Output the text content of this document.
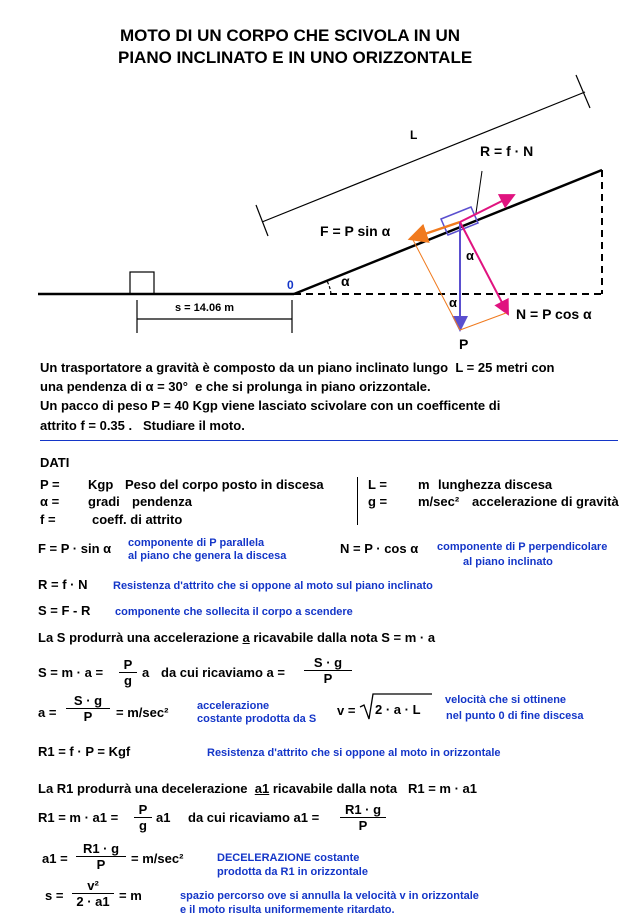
MOTO DI UN CORPO CHE SCIVOLA IN UN
PIANO INCLINATO E IN UNO ORIZZONTALE
L
R = f · N
F = P sin α
N = P cos α
P
α
α
α
0
s = 14.06 m
Un trasportatore a gravità è composto da un piano inclinato lungo L = 25 metri con
una pendenza di α = 30° e che si prolunga in piano orizzontale.
Un pacco di peso P = 40 Kgp viene lasciato scivolare con un coefficente di
attrito f = 0.35 . Studiare il moto.
DATI
P = Kgp Peso del corpo posto in discesa
α = gradi pendenza
f =	coeff. di attrito
L = m lunghezza discesa
g = m/sec² accelerazione di gravità
F = P · sin α componente di P parallela
al piano che genera la discesa	N = P · cos α componente di P perpendicolare
al piano inclinato
R = f · N Resistenza d'attrito che si oppone al moto sul piano inclinato
S = F - R componente che sollecita il corpo a scendere
La S produrrà una accelerazione a ricavabile dalla nota S = m · a
$S = m \cdot a = \frac{P}{g}$ a da cui ricaviamo $a = \frac{S \cdot g}{P}$
$a = \frac{S \cdot g}{P} = m/\sec^2$	accelerazione
costante prodotta da S
v = 2 · a · L
velocità che si ottinene
nel punto 0 di fine discesa
R1 = f · P = Kgf	Resistenza d'attrito che si oppone al moto in orizzontale
La R1 produrrà una decelerazione a1 ricavabile dalla nota R1 = m · a1
$R1 = m \cdot a1 = \frac{P}{g} a1$ da cui ricaviamo $a1 = \frac{R1 \cdot g}{P}$
$a1 = \frac{R1 \cdot g}{P} = m/\sec^2$	DECELERAZIONE costante
prodotta da R1 in orizzontale
$s = \frac{\text{v²}}{2 \cdot a1} = m$	spazio percorso ove si annulla la velocità v in orizzontale
e il moto risulta uniformemente ritardato.
